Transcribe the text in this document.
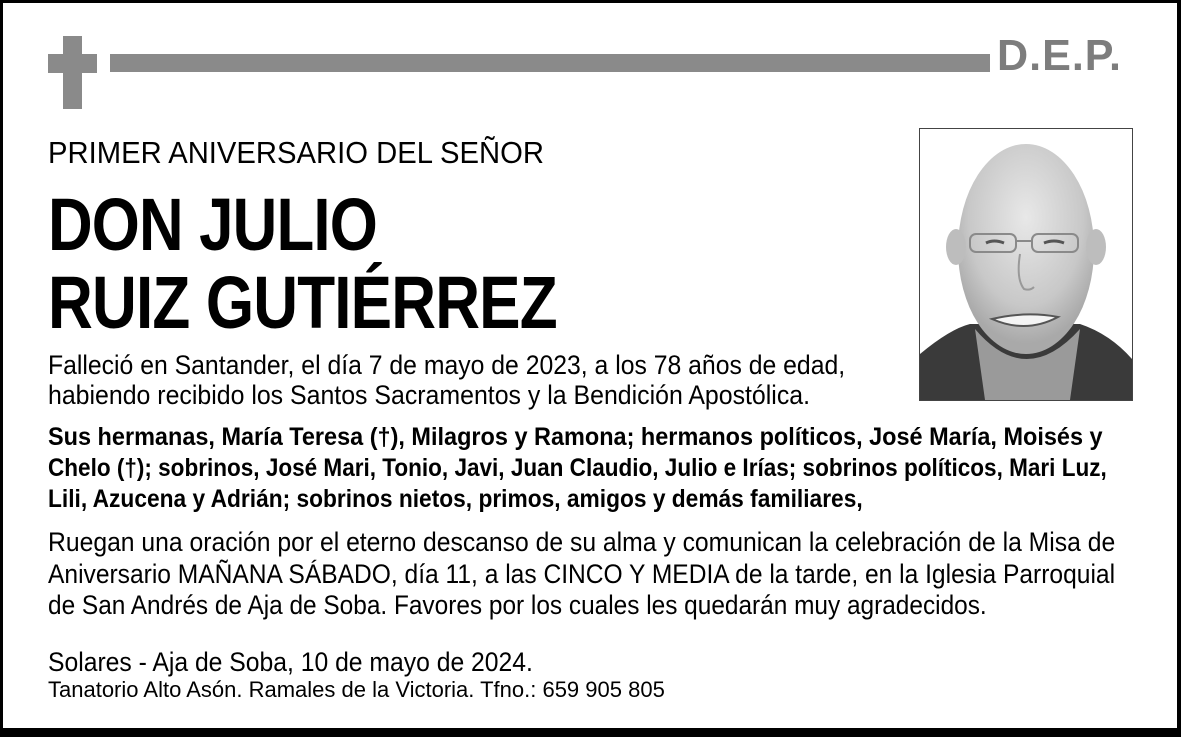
D.E.P.
PRIMER ANIVERSARIO DEL SEÑOR
DON JULIO
RUIZ GUTIÉRREZ
Falleció en Santander, el día 7 de mayo de 2023, a los 78 años de edad,
habiendo recibido los Santos Sacramentos y la Bendición Apostólica.
Sus hermanas, María Teresa (†), Milagros y Ramona; hermanos políticos, José María, Moisés y
Chelo (†); sobrinos, José Mari, Tonio, Javi, Juan Claudio, Julio e Irías; sobrinos políticos, Mari Luz,
Lili, Azucena y Adrián; sobrinos nietos, primos, amigos y demás familiares,
Ruegan una oración por el eterno descanso de su alma y comunican la celebración de la Misa de
Aniversario MAÑANA SÁBADO, día 11, a las CINCO Y MEDIA de la tarde, en la Iglesia Parroquial
de San Andrés de Aja de Soba. Favores por los cuales les quedarán muy agradecidos.
Solares - Aja de Soba, 10 de mayo de 2024.
Tanatorio Alto Asón. Ramales de la Victoria. Tfno.: 659 905 805
